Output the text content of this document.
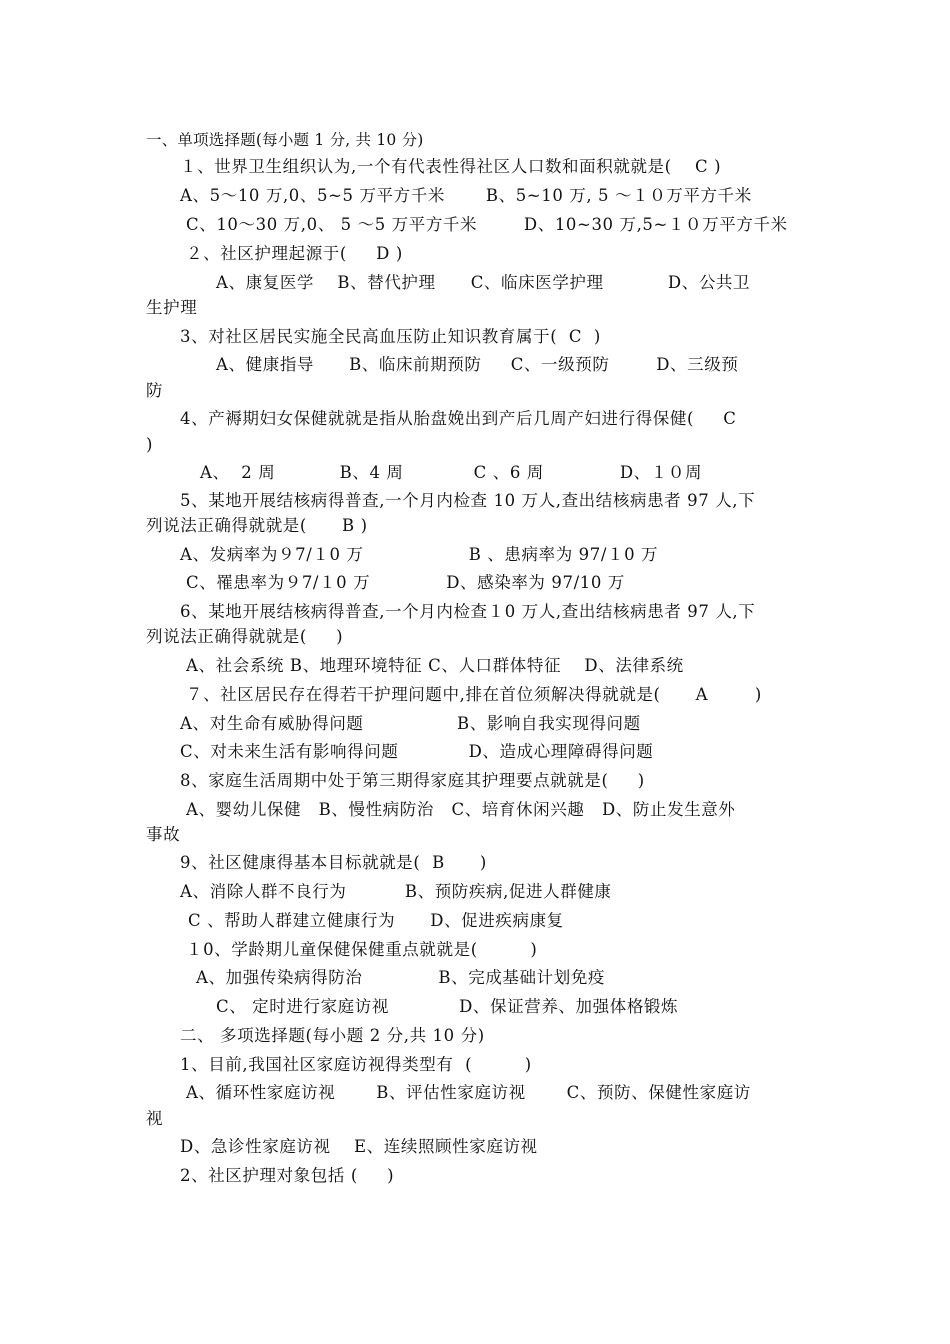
一、单项选择题(每小题 1 分, 共 10 分)
１、世界卫生组织认为,一个有代表性得社区人口数和面积就就是(    C )
A、5～10 万,0、5~5 万平方千米       B、5~10 万, 5 ～１０万平方千米
C、10～30 万,0、 5 ～5 万平方千米        D、10~30 万,5~１０万平方千米
２、社区护理起源于(     D )
A、康复医学    B、替代护理      C、临床医学护理           D、公共卫
生护理
3、对社区居民实施全民高血压防止知识教育属于(  C  )
A、健康指导      B、临床前期预防     C、一级预防        D、三级预
防
4、产褥期妇女保健就就是指从胎盘娩出到产后几周产妇进行得保健(     C
)
A、  2 周           B、4 周            C 、6 周             D、１０周
5、某地开展结核病得普查,一个月内检查 10 万人,查出结核病患者 97 人,下
列说法正确得就就是(      B )
A、发病率为９7/１0 万                  B 、患病率为 97/１0 万
C、罹患率为９7/１0 万             D、感染率为 97/10 万
6、某地开展结核病得普查,一个月内检查１0 万人,查出结核病患者 97 人,下
列说法正确得就就是(     )
A、社会系统 B、地理环境特征 C、人口群体特征    D、法律系统
７、社区居民存在得若干护理问题中,排在首位须解决得就就是(      A        )
A、对生命有威胁得问题                B、影响自我实现得问题
C、对未来生活有影响得问题            D、造成心理障碍得问题
8、家庭生活周期中处于第三期得家庭其护理要点就就是(     )
A、婴幼儿保健   B、慢性病防治   C、培育休闲兴趣   D、防止发生意外
事故
9、社区健康得基本目标就就是(  B      )
A、消除人群不良行为          B、预防疾病,促进人群健康
C 、帮助人群建立健康行为      D、促进疾病康复
１0、学龄期儿童保健保健重点就就是(         )
A、加强传染病得防治             B、完成基础计划免疫
C、 定时进行家庭访视            D、保证营养、加强体格锻炼
二、 多项选择题(每小题 2 分,共 10 分)
1、目前,我国社区家庭访视得类型有  (         )
A、循环性家庭访视       B、评估性家庭访视       C、预防、保健性家庭访
视
D、急诊性家庭访视    E、连续照顾性家庭访视
2、社区护理对象包括 (     )
